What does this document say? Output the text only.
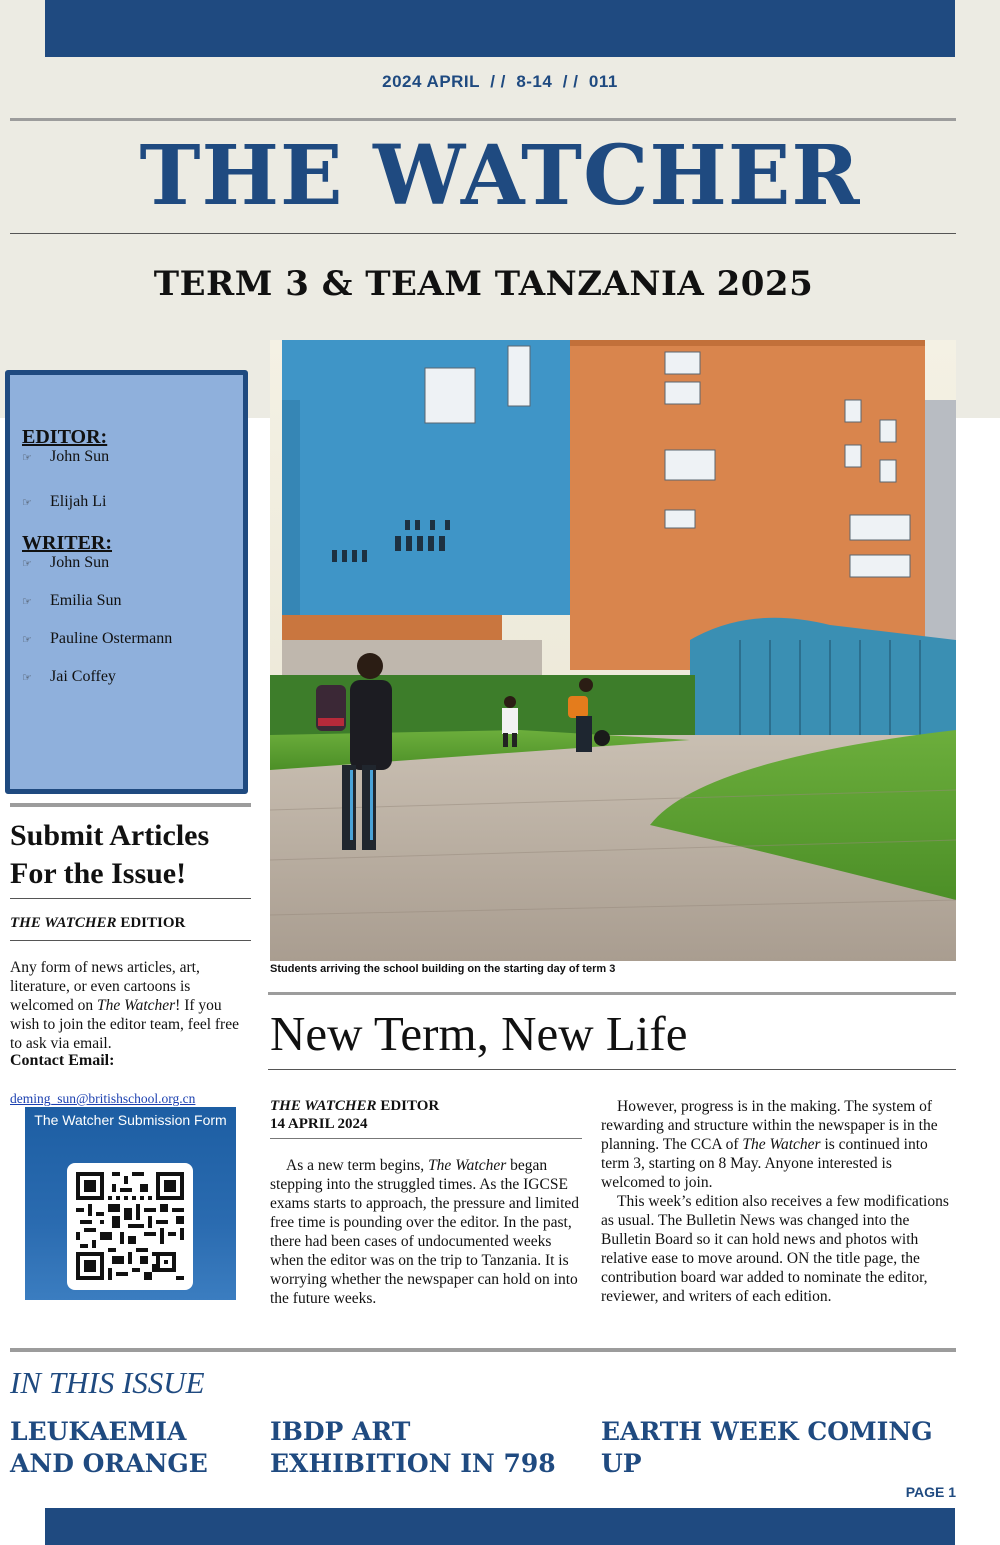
2024 APRIL / / 8-14 / / 011
THE WATCHER
TERM 3 & TEAM TANZANIA 2025
Students arriving the school building on the starting day of term 3
EDITOR:
☞ John Sun
☞ Elijah Li
WRITER:
☞ John Sun
☞ Emilia Sun
☞ Pauline Ostermann
☞ Jai Coffey
Submit Articles For the Issue!
THE WATCHER EDITIOR
Any form of news articles, art, literature, or even cartoons is welcomed on The Watcher! If you wish to join the editor team, feel free to ask via email.
Contact Email:
deming_sun@britishschool.org.cn
The Watcher Submission Form
New Term, New Life
THE WATCHER EDITOR
14 APRIL 2024

As a new term begins, The Watcher began stepping into the struggled times. As the IGCSE exams starts to approach, the pressure and limited free time is pounding over the editor. In the past, there had been cases of undocumented weeks when the editor was on the trip to Tanzania. It is worrying whether the newspaper can hold on into the future weeks.

However, progress is in the making. The system of rewarding and structure within the newspaper is in the planning. The CCA of The Watcher is continued into term 3, starting on 8 May. Anyone interested is welcomed to join.

This week’s edition also receives a few modifications as usual. The Bulletin News was changed into the Bulletin Board so it can hold news and photos with relative ease to move around. ON the title page, the contribution board war added to nominate the editor, reviewer, and writers of each edition.

IN THIS ISSUE
LEUKAEMIA AND ORANGE
IBDP ART EXHIBITION IN 798
EARTH WEEK COMING UP
PAGE 1
